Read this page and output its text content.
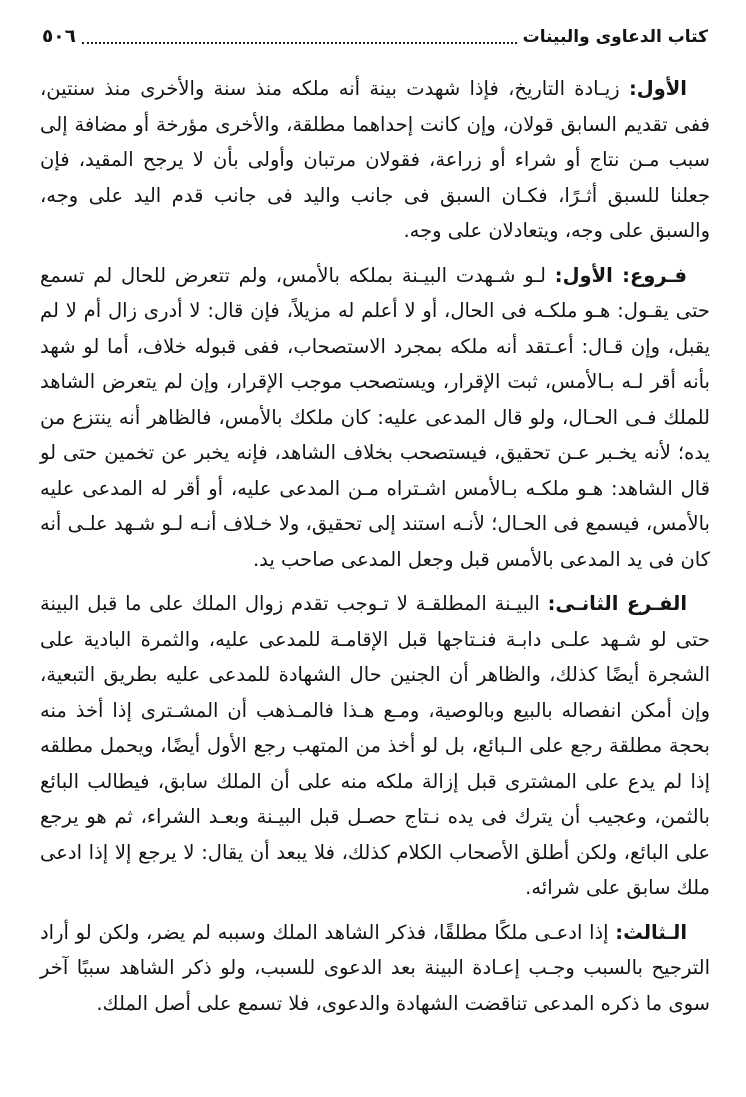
كتاب الدعاوى والبينات
٥٠٦

الأول: زيـادة التاريخ، فإذا شهدت بينة أنه ملكه منذ سنة والأخرى منذ سنتين، ففى تقديم السابق قولان، وإن كانت إحداهما مطلقة، والأخرى مؤرخة أو مضافة إلى سبب مـن نتاج أو شراء أو زراعة، فقولان مرتبان وأولى بأن لا يرجح المقيد، فإن جعلنا للسبق أثـرًا، فكـان السبق فى جانب واليد فى جانب قدم اليد على وجه، والسبق على وجه، ويتعادلان على وجه.

فـروع: الأول: لـو شـهدت البيـنة بملكه بالأمس، ولم تتعرض للحال لم تسمع حتى يقـول: هـو ملكـه فى الحال، أو لا أعلم له مزيلاً، فإن قال: لا أدرى زال أم لا لم يقبل، وإن قـال: أعـتقد أنه ملكه بمجرد الاستصحاب، ففى قبوله خلاف، أما لو شهد بأنه أقر لـه بـالأمس، ثبت الإقرار، ويستصحب موجب الإقرار، وإن لم يتعرض الشاهد للملك فـى الحـال، ولو قال المدعى عليه: كان ملكك بالأمس، فالظاهر أنه ينتزع من يده؛ لأنه يخـبر عـن تحقيق، فيستصحب بخلاف الشاهد، فإنه يخبر عن تخمين حتى لو قال الشاهد: هـو ملكـه بـالأمس اشـتراه مـن المدعى عليه، أو أقر له المدعى عليه بالأمس، فيسمع فى الحـال؛ لأنـه استند إلى تحقيق، ولا خـلاف أنـه لـو شـهد علـى أنه كان فى يد المدعى بالأمس قبل وجعل المدعى صاحب يد.

الفـرع الثانـى: البيـنة المطلقـة لا تـوجب تقدم زوال الملك على ما قبل البينة حتى لو شـهد علـى دابـة فنـتاجها قبل الإقامـة للمدعى عليه، والثمرة البادية على الشجرة أيضًا كذلك، والظاهر أن الجنين حال الشهادة للمدعى عليه بطريق التبعية، وإن أمكن انفصاله بالبيع وبالوصية، ومـع هـذا فالمـذهب أن المشـترى إذا أخذ منه بحجة مطلقة رجع على الـبائع، بل لو أخذ من المتهب رجع الأول أيضًا، ويحمل مطلقه إذا لم يدع على المشترى قبل إزالة ملكه منه على أن الملك سابق، فيطالب البائع بالثمن، وعجيب أن يترك فى يده نـتاج حصـل قبل البيـنة وبعـد الشراء، ثم هو يرجع على البائع، ولكن أطلق الأصحاب الكلام كذلك، فلا يبعد أن يقال: لا يرجع إلا إذا ادعى ملك سابق على شرائه.

الـثالث: إذا ادعـى ملكًا مطلقًا، فذكر الشاهد الملك وسببه لم يضر، ولكن لو أراد الترجيح بالسبب وجـب إعـادة البينة بعد الدعوى للسبب، ولو ذكر الشاهد سببًا آخر سوى ما ذكره المدعى تناقضت الشهادة والدعوى، فلا تسمع على أصل الملك.
